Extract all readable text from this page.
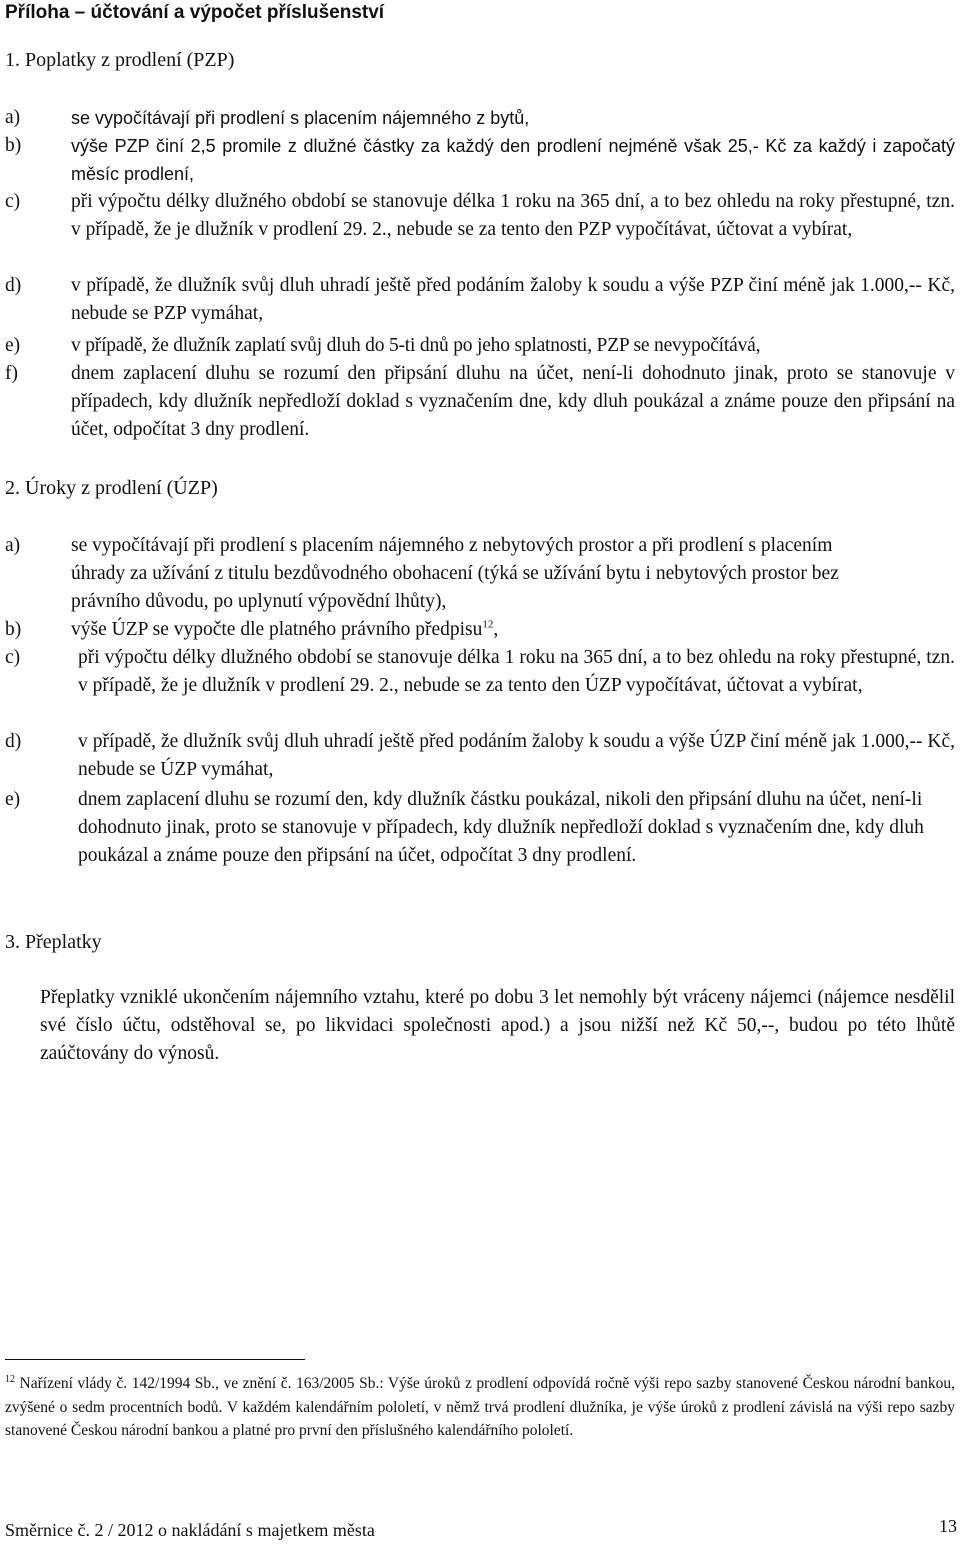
Příloha – účtování a výpočet příslušenství
1. Poplatky z prodlení (PZP)
a)	se vypočítávají při prodlení s placením nájemného z bytů,
b)	výše PZP činí 2,5 promile z dlužné částky za každý den prodlení nejméně však 25,- Kč za každý i započatý měsíc prodlení,
c)	při výpočtu délky dlužného období se stanovuje délka 1 roku na 365 dní, a to bez ohledu na roky přestupné, tzn. v případě, že je dlužník v prodlení 29. 2., nebude se za tento den PZP vypočítávat, účtovat a vybírat,
d)	v případě, že dlužník svůj dluh uhradí ještě před podáním žaloby k soudu a výše PZP činí méně jak 1.000,-- Kč, nebude se PZP vymáhat,
e)	v případě, že dlužník zaplatí svůj dluh do 5-ti dnů po jeho splatnosti, PZP se nevypočítává,
f)	dnem zaplacení dluhu se rozumí den připsání dluhu na účet, není-li dohodnuto jinak, proto se stanovuje v případech, kdy dlužník nepředloží doklad s vyznačením dne, kdy dluh poukázal a známe pouze den připsání na účet, odpočítat 3 dny prodlení.
2. Úroky z prodlení (ÚZP)
a)	se vypočítávají při prodlení s placením nájemného z nebytových prostor a při prodlení s placením úhrady za užívání z titulu bezdůvodného obohacení (týká se užívání bytu i nebytových prostor bez právního důvodu, po uplynutí výpovědní lhůty),
b)	výše ÚZP se vypočte dle platného právního předpisu$^{12}$,
c)	při výpočtu délky dlužného období se stanovuje délka 1 roku na 365 dní, a to bez ohledu na roky přestupné, tzn. v případě, že je dlužník v prodlení 29. 2., nebude se za tento den ÚZP vypočítávat, účtovat a vybírat,
d)	v případě, že dlužník svůj dluh uhradí ještě před podáním žaloby k soudu a výše ÚZP činí méně jak 1.000,-- Kč, nebude se ÚZP vymáhat,
e)	dnem zaplacení dluhu se rozumí den, kdy dlužník částku poukázal, nikoli den připsání dluhu na účet, není-li dohodnuto jinak, proto se stanovuje v případech, kdy dlužník nepředloží doklad s vyznačením dne, kdy dluh poukázal a známe pouze den připsání na účet, odpočítat 3 dny prodlení.
3. Přeplatky
Přeplatky vzniklé ukončením nájemního vztahu, které po dobu 3 let nemohly být vráceny nájemci (nájemce nesdělil své číslo účtu, odstěhoval se, po likvidaci společnosti apod.) a jsou nižší než Kč 50,--, budou po této lhůtě zaúčtovány do výnosů.
$^{12}$ Nařízení vlády č. 142/1994 Sb., ve znění č. 163/2005 Sb.: Výše úroků z prodlení odpovídá ročně výši repo sazby stanovené Českou národní bankou, zvýšené o sedm procentních bodů. V každém kalendářním pololetí, v němž trvá prodlení dlužníka, je výše úroků z prodlení závislá na výši repo sazby stanovené Českou národní bankou a platné pro první den příslušného kalendářního pololetí.
Směrnice č. 2 / 2012 o nakládání s majetkem města	13
